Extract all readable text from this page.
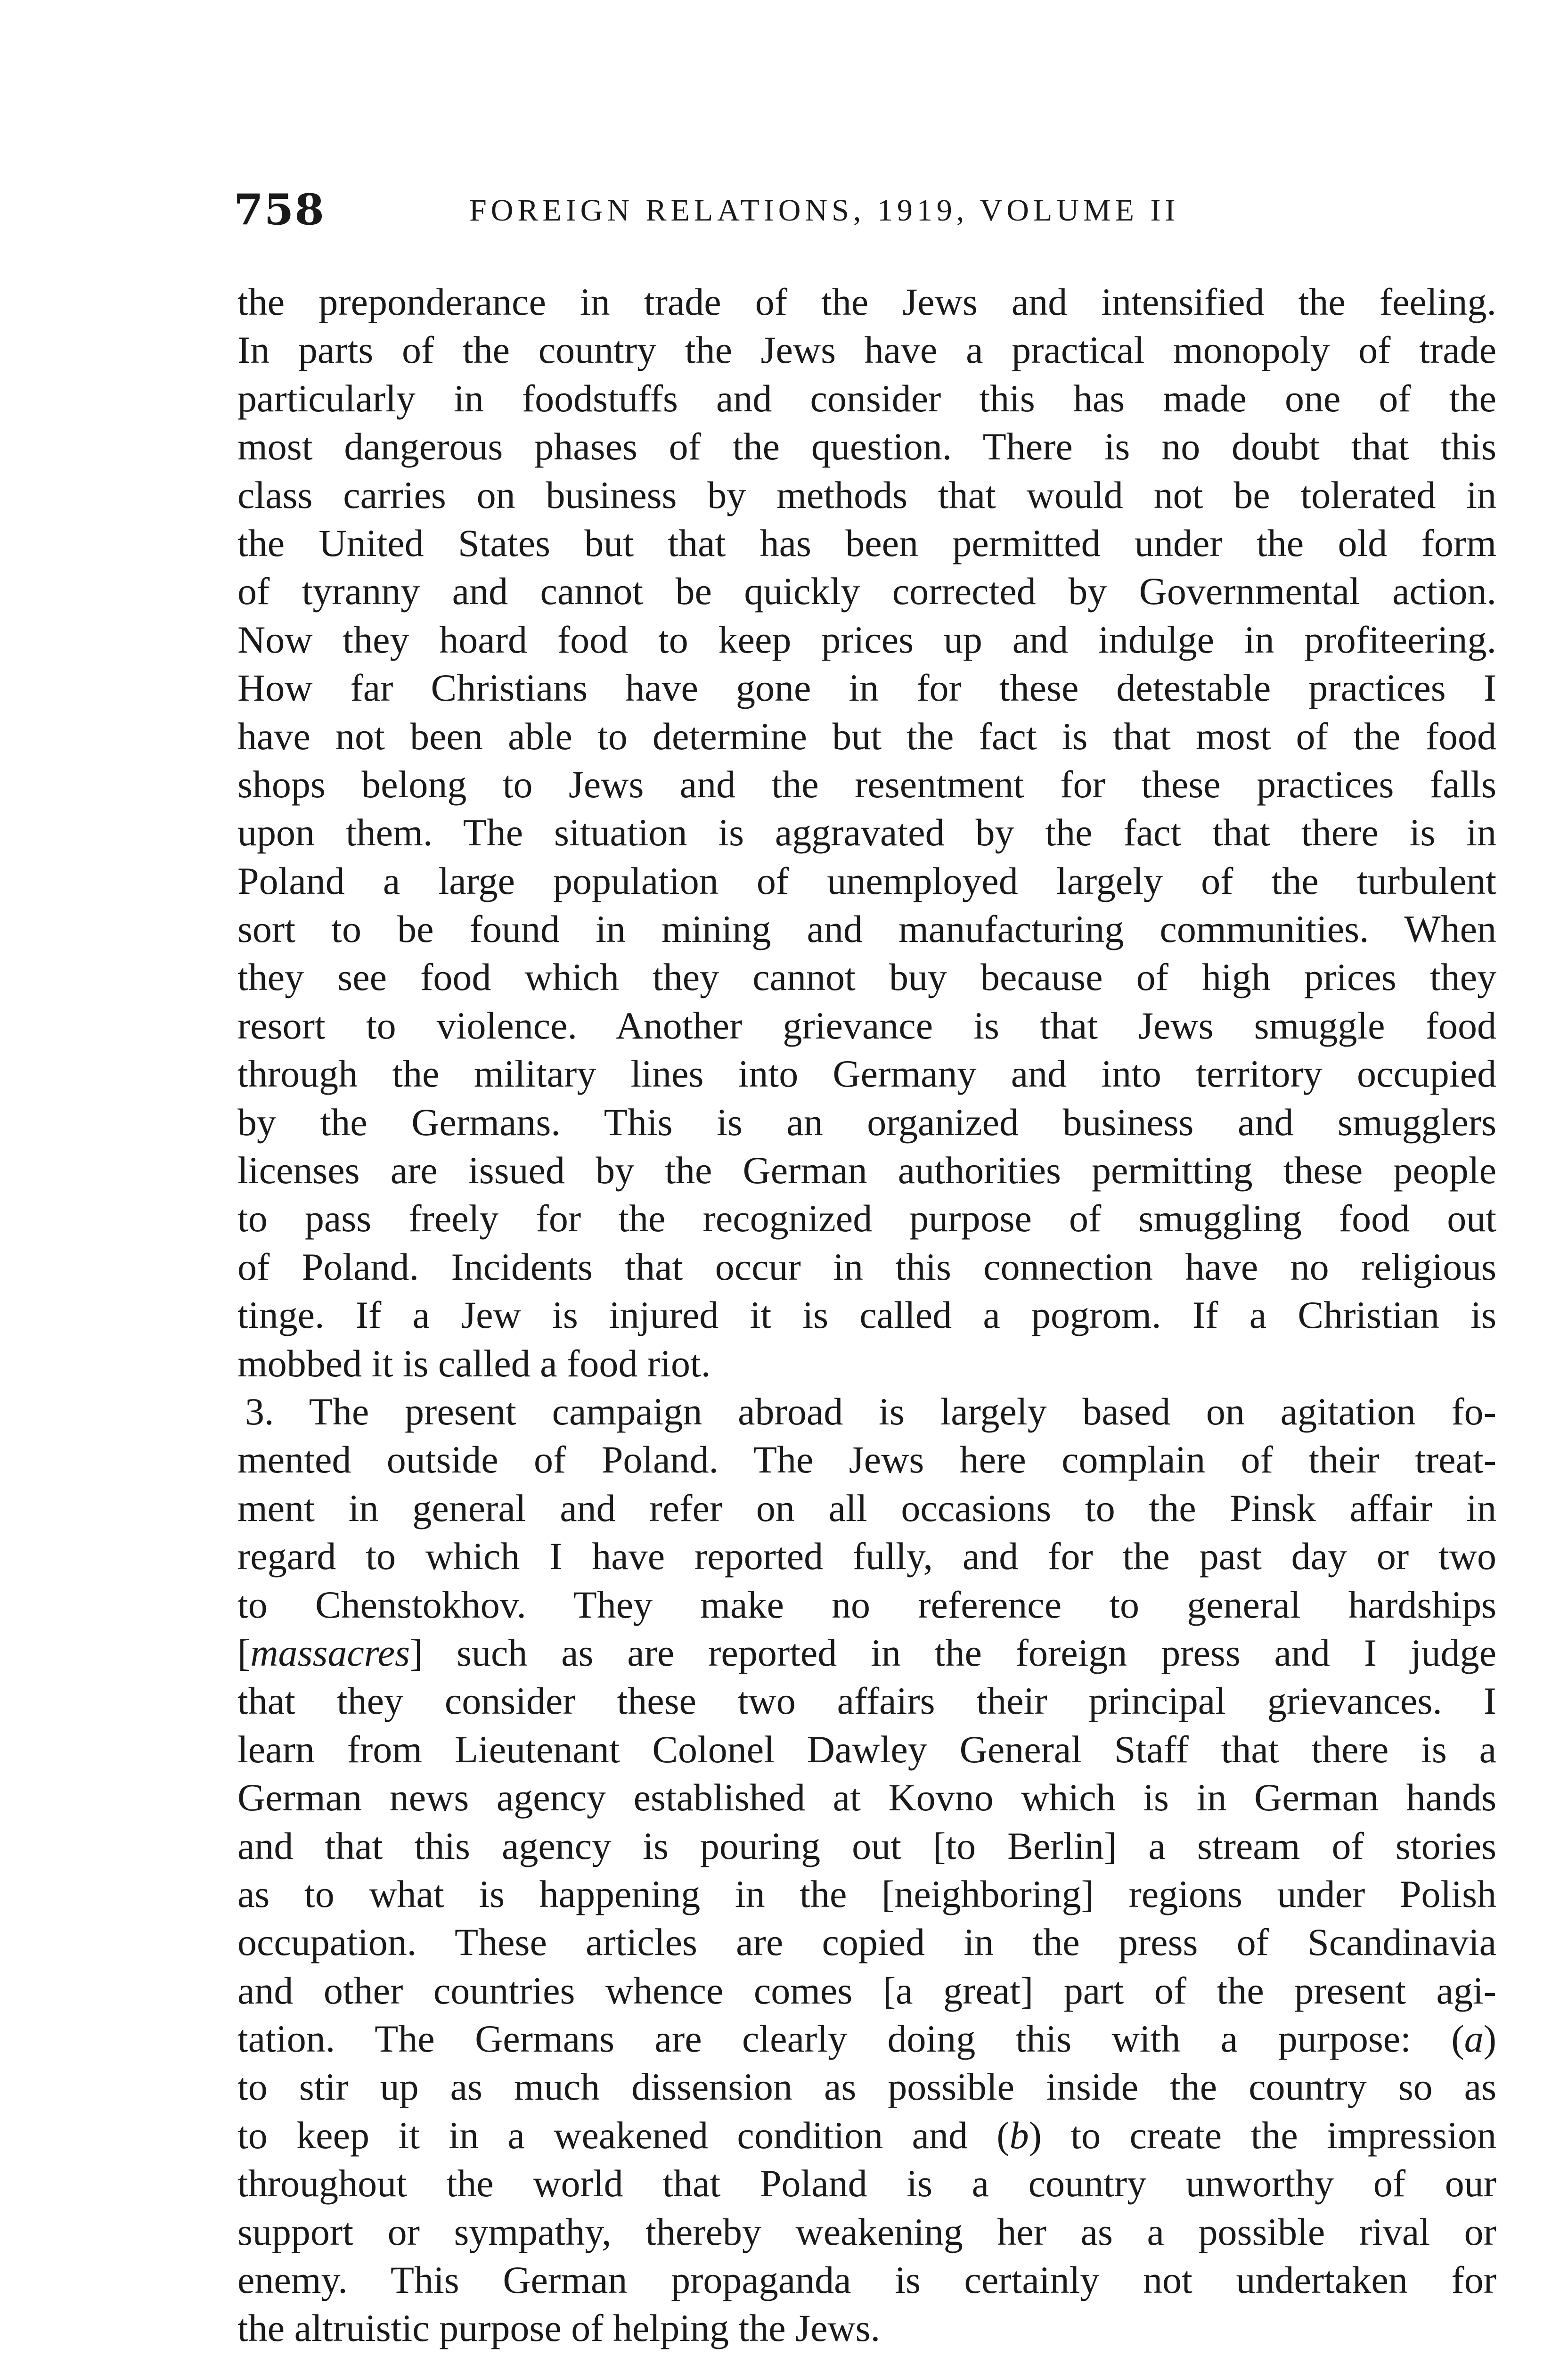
758	FOREIGN RELATIONS, 1919, VOLUME II
the preponderance in trade of the Jews and intensified the feeling.
In parts of the country the Jews have a practical monopoly of trade
particularly in foodstuffs and consider this has made one of the
most dangerous phases of the question. There is no doubt that this
class carries on business by methods that would not be tolerated in
the United States but that has been permitted under the old form
of tyranny and cannot be quickly corrected by Governmental action.
Now they hoard food to keep prices up and indulge in profiteering.
How far Christians have gone in for these detestable practices I
have not been able to determine but the fact is that most of the food
shops belong to Jews and the resentment for these practices falls
upon them. The situation is aggravated by the fact that there is in
Poland a large population of unemployed largely of the turbulent
sort to be found in mining and manufacturing communities. When
they see food which they cannot buy because of high prices they
resort to violence. Another grievance is that Jews smuggle food
through the military lines into Germany and into territory occupied
by the Germans. This is an organized business and smugglers
licenses are issued by the German authorities permitting these people
to pass freely for the recognized purpose of smuggling food out
of Poland. Incidents that occur in this connection have no religious
tinge. If a Jew is injured it is called a pogrom. If a Christian is
mobbed it is called a food riot.
3. The present campaign abroad is largely based on agitation fo-
mented outside of Poland. The Jews here complain of their treat-
ment in general and refer on all occasions to the Pinsk affair in
regard to which I have reported fully, and for the past day or two
to Chenstokhov. They make no reference to general hardships
[massacres] such as are reported in the foreign press and I judge
that they consider these two affairs their principal grievances. I
learn from Lieutenant Colonel Dawley General Staff that there is a
German news agency established at Kovno which is in German hands
and that this agency is pouring out [to Berlin] a stream of stories
as to what is happening in the [neighboring] regions under Polish
occupation. These articles are copied in the press of Scandinavia
and other countries whence comes [a great] part of the present agi-
tation. The Germans are clearly doing this with a purpose: (a)
to stir up as much dissension as possible inside the country so as
to keep it in a weakened condition and (b) to create the impression
throughout the world that Poland is a country unworthy of our
support or sympathy, thereby weakening her as a possible rival or
enemy. This German propaganda is certainly not undertaken for
the altruistic purpose of helping the Jews.
